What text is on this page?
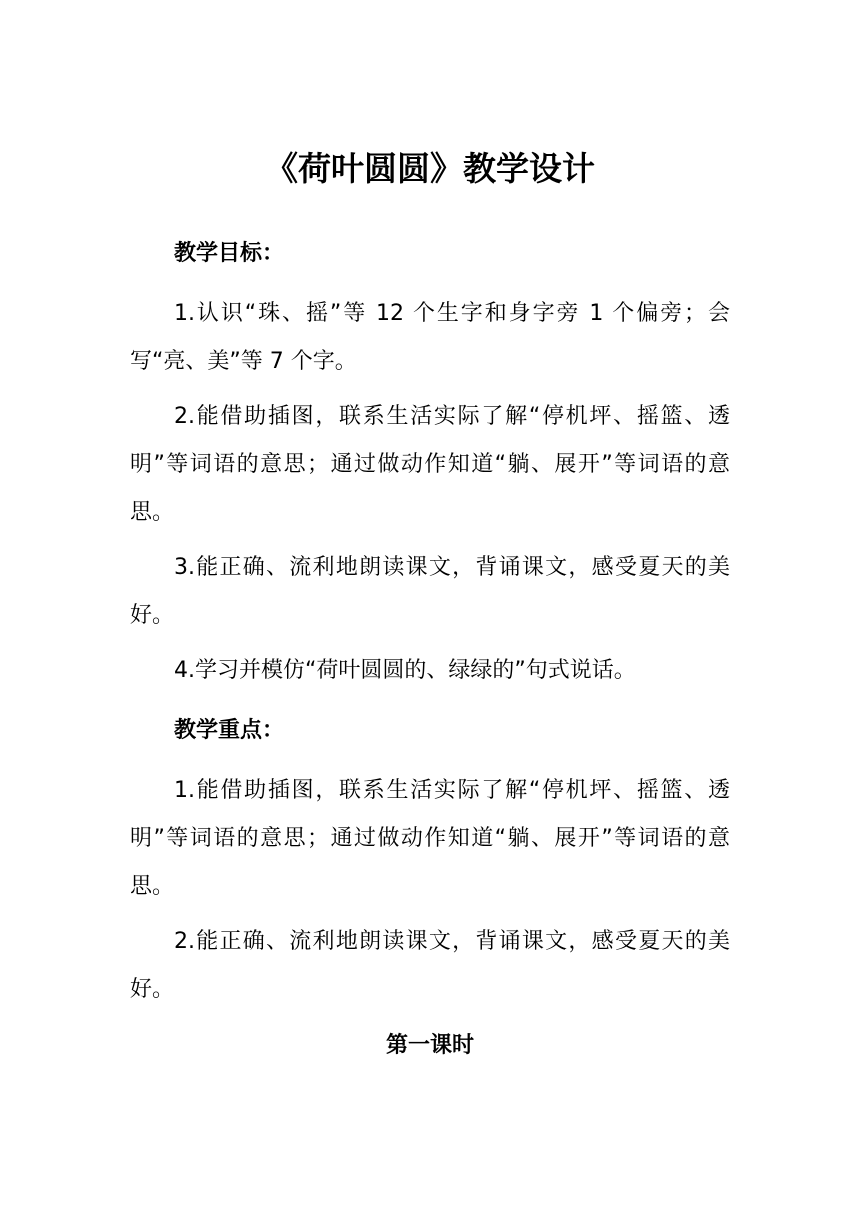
《荷叶圆圆》教学设计

教学目标：

1.认识“珠、摇”等 12 个生字和身字旁 1 个偏旁；会写“亮、美”等 7 个字。

2.能借助插图，联系生活实际了解“停机坪、摇篮、透明”等词语的意思；通过做动作知道“躺、展开”等词语的意思。

3.能正确、流利地朗读课文，背诵课文，感受夏天的美好。

4.学习并模仿“荷叶圆圆的、绿绿的”句式说话。

教学重点：

1.能借助插图，联系生活实际了解“停机坪、摇篮、透明”等词语的意思；通过做动作知道“躺、展开”等词语的意思。

2.能正确、流利地朗读课文，背诵课文，感受夏天的美好。

第一课时
